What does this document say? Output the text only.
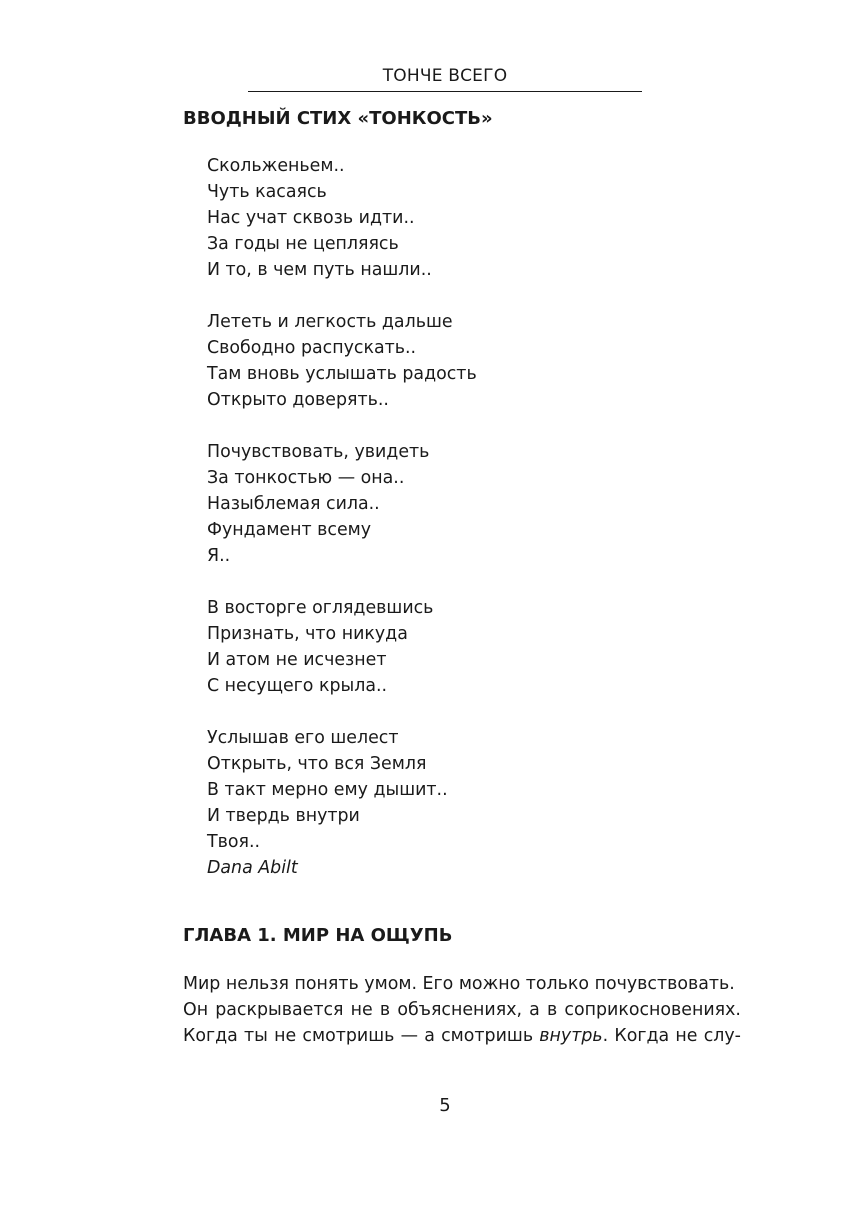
ТОНЧЕ ВСЕГО
ВВОДНЫЙ СТИХ «ТОНКОСТЬ»
Скольженьем..
Чуть касаясь
Нас учат сквозь идти..
За годы не цепляясь
И то, в чем путь нашли..
Лететь и легкость дальше
Свободно распускать..
Там вновь услышать радость
Открыто доверять..
Почувствовать, увидеть
За тонкостью — она..
Назыблемая сила..
Фундамент всему
Я..
В восторге оглядевшись
Признать, что никуда
И атом не исчезнет
С несущего крыла..
Услышав его шелест
Открыть, что вся Земля
В такт мерно ему дышит..
И твердь внутри
Твоя..
Dana Abilt
ГЛАВА 1. МИР НА ОЩУПЬ
Мир нельзя понять умом. Его можно только почувствовать.
Он раскрывается не в объяснениях, а в соприкосновениях.
Когда ты не смотришь — а смотришь внутрь. Когда не слу-
5
